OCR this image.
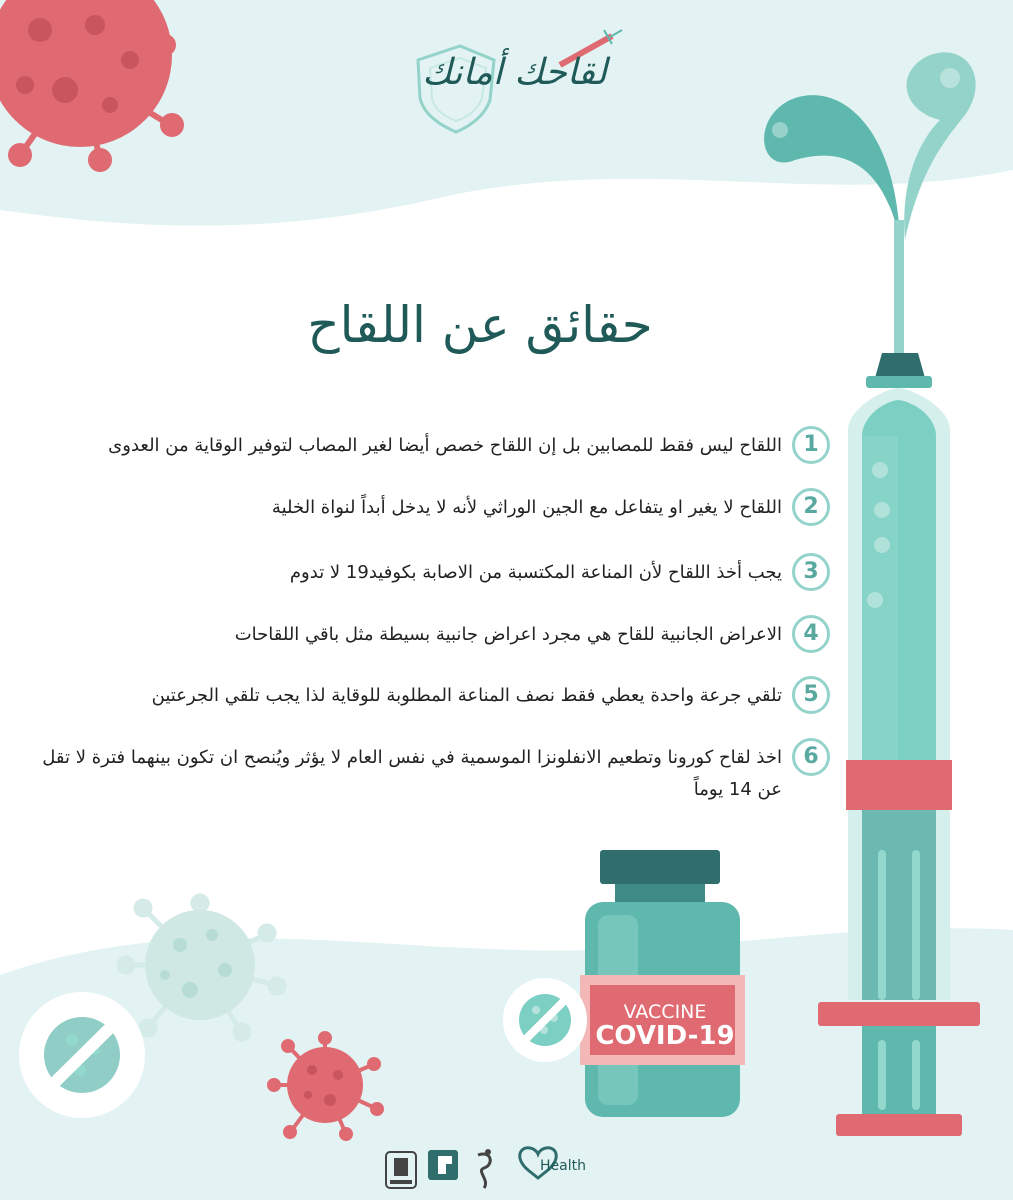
لقاحك أمانك
حقائق عن اللقاح
1
اللقاح ليس فقط للمصابين بل إن اللقاح خصص أيضا لغير المصاب لتوفير الوقاية من العدوى
2
اللقاح لا يغير او يتفاعل مع الجين الوراثي لأنه لا يدخل أبداً لنواة الخلية
3
يجب أخذ اللقاح لأن المناعة المكتسبة من الاصابة بكوفيد19 لا تدوم
4
الاعراض الجانبية للقاح هي مجرد اعراض جانبية بسيطة مثل باقي اللقاحات
5
تلقي جرعة واحدة يعطي فقط نصف المناعة المطلوبة للوقاية لذا يجب تلقي الجرعتين
6
اخذ لقاح كورونا وتطعيم الانفلونزا الموسمية في نفس العام لا يؤثر ويُنصح ان تكون بينهما فترة لا تقل عن 14 يوماً
VACCINE
COVID-19
Health
